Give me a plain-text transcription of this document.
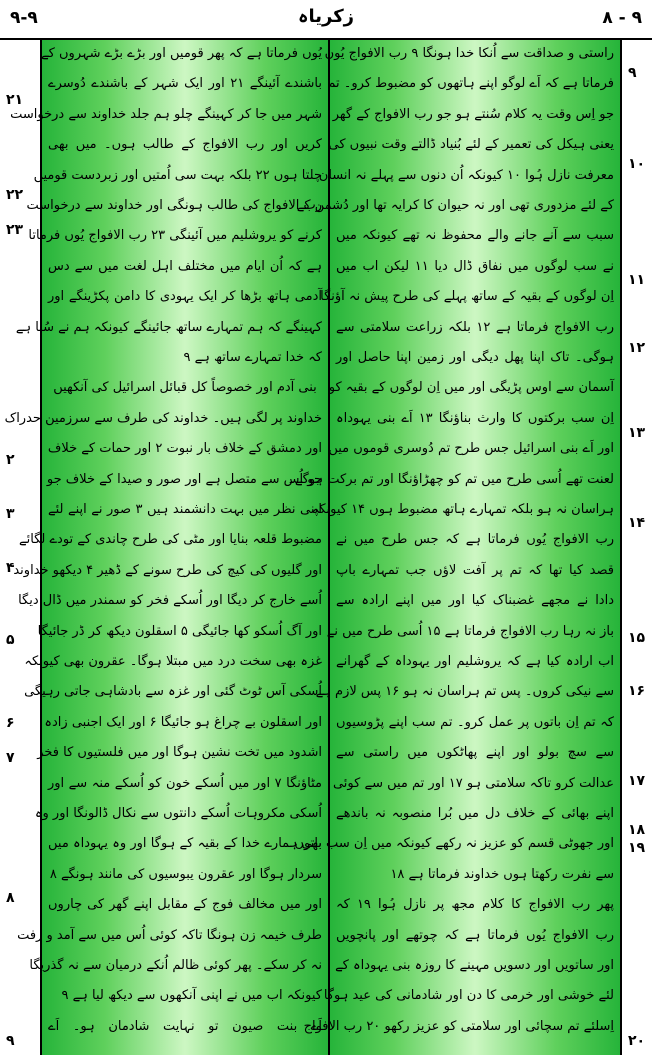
۹-۹	زکریاہ	۸ - ۹
۲۱
۲۲
۲۳
۲
۳
۴
۵
۶
۷
۸
۹
یُوں فرماتا ہے کہ پھر قومیں اور بڑے بڑے شہروں کے
باشندے آئینگے ۲۱ اور ایک شہر کے باشندے دُوسرے
شہر میں جا کر کہینگے چلو ہم جلد خداوند سے درخواست
کریں اور رب الافواج کے طالب ہوں۔ میں بھی
چلتا ہوں ۲۲ بلکہ بہت سی اُمتیں اور زبردست قومیں
رب الافواج کی طالب ہونگی اور خداوند سے درخواست
کرنے کو یروشلیم میں آئینگی ۲۳ رب الافواج یُوں فرماتا
ہے کہ اُن ایام میں مختلف اہل لغت میں سے دس
آدمی ہاتھ بڑھا کر ایک یہودی کا دامن پکڑینگے اور
کہینگے کہ ہم تمہارے ساتھ جائینگے کیونکہ ہم نے سُنا ہے
کہ خدا تمہارے ساتھ ہے ۹
بنی آدم اور خصوصاً کل قبائل اسرائیل کی آنکھیں
خداوند پر لگی ہیں۔ خداوند کی طرف سے سرزمین حدراک
اور دمشق کے خلاف بار نبوت ۲ اور حمات کے خلاف
جو اُس سے متصل ہے اور صور و صیدا کے خلاف جو
اپنی نظر میں بہت دانشمند ہیں ۳ صور نے اپنے لئے
مضبوط قلعہ بنایا اور مٹی کی طرح چاندی کے تودے لگائے
اور گلیوں کی کیچ کی طرح سونے کے ڈھیر ۴ دیکھو خداوند
اُسے خارج کر دیگا اور اُسکے فخر کو سمندر میں ڈال دیگا
اور آگ اُسکو کھا جائیگی ۵ اسقلون دیکھ کر ڈر جائیگا
غزہ بھی سخت درد میں مبتلا ہوگا۔ عقرون بھی کیونکہ
اُسکی آس ٹوٹ گئی اور غزہ سے بادشاہی جاتی رہیگی
اور اسقلون بے چراغ ہو جائیگا ۶ اور ایک اجنبی زادہ
اشدود میں تخت نشین ہوگا اور میں فلستیوں کا فخر
مٹاؤنگا ۷ اور میں اُسکے خون کو اُسکے منہ سے اور
اُسکی مکروہات اُسکے دانتوں سے نکال ڈالونگا اور وہ
بھی ہمارے خدا کے بقیہ کے ہوگا اور وہ یہوداہ میں
سردار ہوگا اور عقرون یبوسیوں کی مانند ہونگے ۸
اور میں مخالف فوج کے مقابل اپنے گھر کی چاروں
طرف خیمہ زن ہونگا تاکہ کوئی اُس میں سے آمد و رفت
نہ کر سکے۔ پھر کوئی ظالم اُنکے درمیان سے نہ گذریگا
کیونکہ اب میں نے اپنی آنکھوں سے دیکھ لیا ہے ۹
اَے بنت صیون تو نہایت شادمان ہو۔ اَے
راستی و صداقت سے اُنکا خدا ہونگا ۹ رب الافواج یُوں
فرماتا ہے کہ اَے لوگو اپنے ہاتھوں کو مضبوط کرو۔ تم
جو اِس وقت یہ کلام سُنتے ہو جو رب الافواج کے گھر
یعنی ہیکل کی تعمیر کے لئے بُنیاد ڈالتے وقت نبیوں کی
معرفت نازل ہُوا ۱۰ کیونکہ اُن دنوں سے پہلے نہ انسان
کے لئے مزدوری تھی اور نہ حیوان کا کرایہ تھا اور دُشمن کے
سبب سے آنے جانے والے محفوظ نہ تھے کیونکہ میں
نے سب لوگوں میں نفاق ڈال دیا ۱۱ لیکن اب میں
اِن لوگوں کے بقیہ کے ساتھ پہلے کی طرح پیش نہ آؤنگا
رب الافواج فرماتا ہے ۱۲ بلکہ زراعت سلامتی سے
ہوگی۔ تاک اپنا پھل دیگی اور زمین اپنا حاصل اور
آسمان سے اوس پڑیگی اور میں اِن لوگوں کے بقیہ کو
اِن سب برکتوں کا وارث بناؤنگا ۱۳ اَے بنی یہوداہ
اور اَے بنی اسرائیل جس طرح تم دُوسری قوموں میں
لعنت تھے اُسی طرح میں تم کو چھڑاؤنگا اور تم برکت ہوگے۔
ہراسان نہ ہو بلکہ تمہارے ہاتھ مضبوط ہوں ۱۴ کیونکہ
رب الافواج یُوں فرماتا ہے کہ جس طرح میں نے
قصد کیا تھا کہ تم پر آفت لاؤں جب تمہارے باپ
دادا نے مجھے غضبناک کیا اور میں اپنے ارادہ سے
باز نہ رہا رب الافواج فرماتا ہے ۱۵ اُسی طرح میں نے
اب ارادہ کیا ہے کہ یروشلیم اور یہوداہ کے گھرانے
سے نیکی کروں۔ پس تم ہراسان نہ ہو ۱۶ پس لازم ہے
کہ تم اِن باتوں پر عمل کرو۔ تم سب اپنے پڑوسیوں
سے سچ بولو اور اپنے پھاٹکوں میں راستی سے
عدالت کرو تاکہ سلامتی ہو ۱۷ اور تم میں سے کوئی
اپنے بھائی کے خلاف دل میں بُرا منصوبہ نہ باندھے
اور جھوٹی قسم کو عزیز نہ رکھے کیونکہ میں اِن سب باتوں
سے نفرت رکھتا ہوں خداوند فرماتا ہے ۱۸
پھر رب الافواج کا کلام مجھ پر نازل ہُوا ۱۹ کہ
رب الافواج یُوں فرماتا ہے کہ چوتھے اور پانچویں
اور ساتویں اور دسویں مہینے کا روزہ بنی یہوداہ کے
لئے خوشی اور خرمی کا دن اور شادمانی کی عید ہوگا
اِسلئے تم سچائی اور سلامتی کو عزیز رکھو ۲۰ رب الافواج
۹
۱۰
۱۱
۱۲
۱۳
۱۴
۱۵
۱۶
۱۷
۱۸
۱۹
۲۰
